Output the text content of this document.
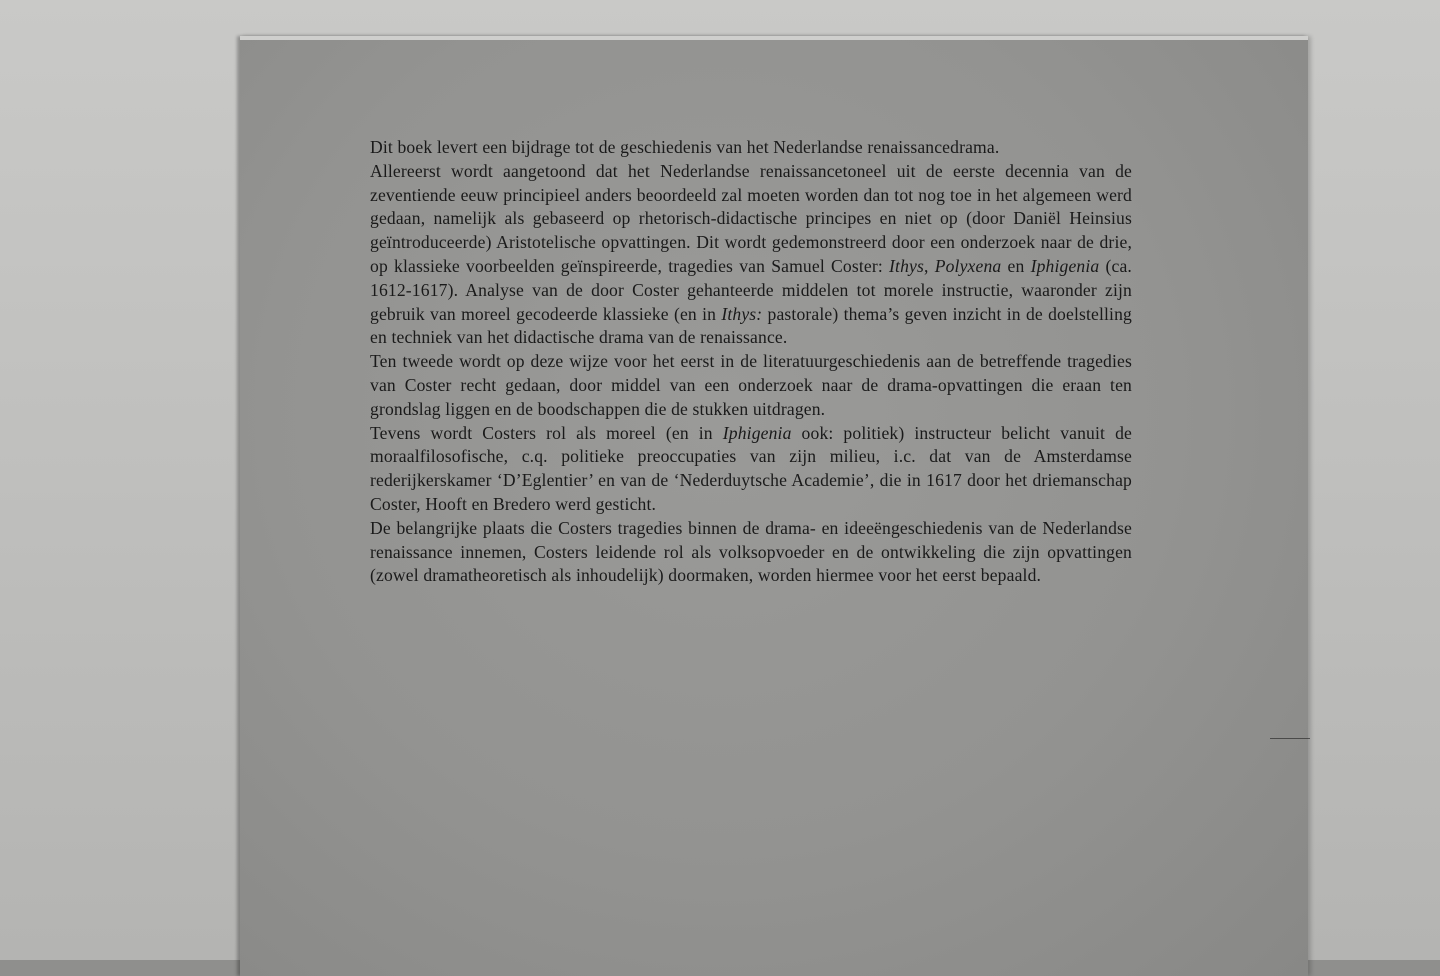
Dit boek levert een bijdrage tot de geschiedenis van het Nederlandse renaissancedrama.

Allereerst wordt aangetoond dat het Nederlandse renaissancetoneel uit de eerste decennia van de zeventiende eeuw principieel anders beoordeeld zal moeten worden dan tot nog toe in het algemeen werd gedaan, namelijk als gebaseerd op rhetorisch-didactische principes en niet op (door Daniël Heinsius geïntroduceerde) Aristotelische opvattingen. Dit wordt gedemonstreerd door een onderzoek naar de drie, op klassieke voorbeelden geïnspireerde, tragedies van Samuel Coster: Ithys, Polyxena en Iphigenia (ca. 1612-1617). Analyse van de door Coster gehanteerde middelen tot morele instructie, waaronder zijn gebruik van moreel gecodeerde klassieke (en in Ithys: pastorale) thema’s geven inzicht in de doelstelling en techniek van het didactische drama van de renaissance.

Ten tweede wordt op deze wijze voor het eerst in de literatuurgeschiedenis aan de betreffende tragedies van Coster recht gedaan, door middel van een onderzoek naar de drama-opvattingen die eraan ten grondslag liggen en de boodschappen die de stukken uitdragen.

Tevens wordt Costers rol als moreel (en in Iphigenia ook: politiek) instructeur belicht vanuit de moraalfilosofische, c.q. politieke preoccupaties van zijn milieu, i.c. dat van de Amsterdamse rederijkerskamer ‘D’Eglentier’ en van de ‘Nederduytsche Academie’, die in 1617 door het driemanschap Coster, Hooft en Bredero werd gesticht.

De belangrijke plaats die Costers tragedies binnen de drama- en ideeëngeschiedenis van de Nederlandse renaissance innemen, Costers leidende rol als volksopvoeder en de ontwikkeling die zijn opvattingen (zowel dramatheoretisch als inhoudelijk) doormaken, worden hiermee voor het eerst bepaald.
